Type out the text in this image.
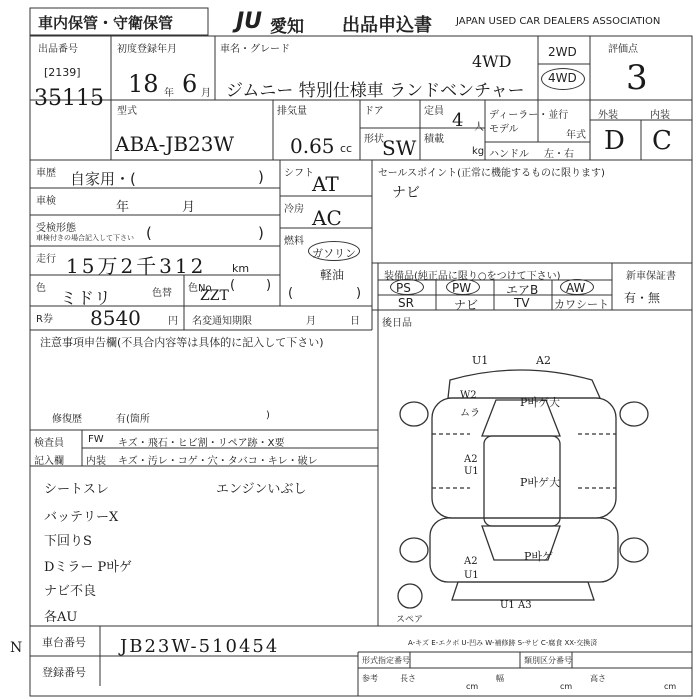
車内保管・守衛保管	JU 愛知 出品申込書 JAPAN USED CAR DEALERS ASSOCIATION
出品番号
[2139]
35115
初度登録年月
18 年 6 月
車名・グレード
4WD
ジムニー 特別仕様車 ランドベンチャー
2WD
4WD
評価点
3
型式
ABA-JB23W
排気量
0.65 cc
ドア
形状
SW
定員 4 人
積載
kg
ディーラー・並行
モデル
年式
ハンドル 左・右
外装	内装
D C
車歴 自家用・(	)
車検	年	月
受検形態
車検付きの場合記入して下さい (	)
走行 15万2千312 km
色
ミドリ	色替 色No (
ZZT
)
R券 8540	円 名変通知期限	月	日
シフト
AT
冷房 AC
燃料
ガソリン
軽油
(	)
セールスポイント(正常に機能するものに限ります)
ナビ
装備品(純正品に限り○をつけて下さい)
PS	PW	エアB AW
SR	ナビ	TV カワシート
新車保証書
有・無
注意事項申告欄(不具合内容等は具体的に記入して下さい)
修復歴	有(箇所	)
検査員
記入欄
FW キズ・飛石・ヒビ割・リペア跡・X要
内装 キズ・汚レ・コゲ・穴・タバコ・キレ・破レ
シートスレ
バッテリーX
下回りS
Dミラー P바ゲ
ナビ不良
各AU
エンジンいぶし
後日品
U1	A2
W2
ムラ
P바ゲ大
A2
U1
P바ゲ大
P바ゲ
A2
U1
U1 A3
スペア
A-キズ E-エクボ U-凹み W-補修跡 S-サビ C-腐食 XX-交換済
N 車台番号 JB23W-510454
登録番号
形式指定番号	類別区分番号
参考	長さ
cm
幅
cm
高さ
cm
